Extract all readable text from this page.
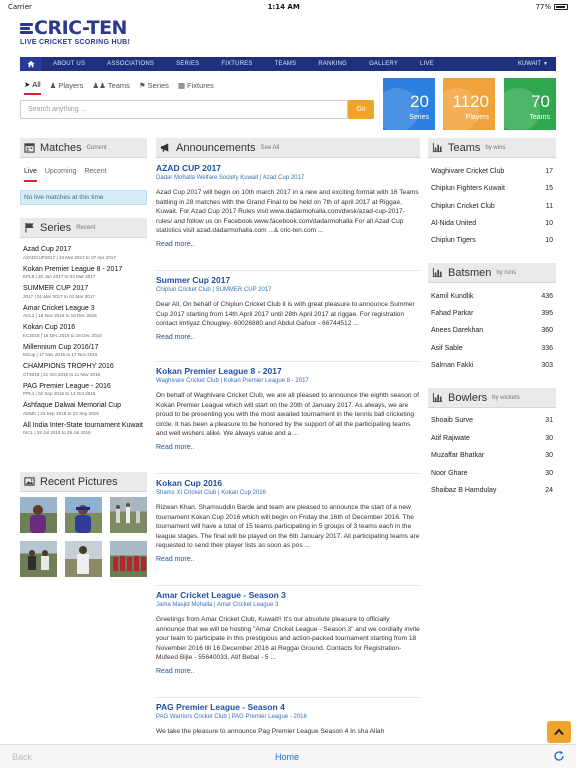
Carrier	1:14 AM	77%
CRIC-TEN
LIVE CRICKET SCORING HUB!
ABOUT US	ASSOCIATIONS	SERIES	FIXTURES	TEAMS	RANKING	GALLERY	LIVE	KUWAIT ▼
➤ All ♟ Players ♟♟ Teams ⚑ Series ▦ Fixtures
Search anything ...	Go	20
Series
1120
Players
70
Teams
Matches Current
Live Upcoming Recent
No live matches at this time
Series Recent
Azad Cup 2017
AZADCUP2017 | 10 Mar 2017 to 07 Apr 2017
Kokan Premier League 8 - 2017
KPL8 | 20 Jan 2017 to 03 Mar 2017
SUMMER CUP 2017
2017 | 01 Mar 2017 to 01 Mar 2017
Amar Cricket League 3
ACL3 | 18 Nov 2016 to 16 Dec 2016
Kokan Cup 2016
KC2016 | 16 Dec 2016 to 16 Dec 2016
Millennium Cup 2016/17
MCup | 17 Nov 2016 to 17 Nov 2016
CHAMPIONS TROPHY 2016
CT2016 | 21 Oct 2016 to 11 Nov 2016
PAG Premier League - 2016
PPL4 | 02 Sep 2016 to 14 Oct 2016
Ashfaque Dalwai Memorial Cup
ADMC | 23 Sep 2016 to 23 Sep 2016
All India Inter-State tournament Kuwait
ISCL | 28 Jul 2016 to 29 Jul 2016
Recent Pictures
Announcements See All
AZAD CUP 2017
Dadar Mohalla Welfare Society Kuwait | Azad Cup 2017
Azad Cup 2017 will begin on 10th march 2017 in a new and exciting format with 16 Teams battling in 28 matches with the Grand Final to be held on 7th of april 2017 at Riggae, Kuwait. For Azad Cup 2017 Rules visit www.dadarmohalla.com/dwsk/azad-cup-2017-rules/ and follow us on Facebook www.facebook.com/dadarmohalla For all Azad Cup statistics visit azad.dadarmohalla.com ...& cric-ten.com ...
Read more..
Summer Cup 2017
Chiplun Cricket Club | SUMMER CUP 2017
Dear All, On behalf of Chiplun Cricket Club it is with great pleasure to announce Summer Cup 2017 starting from 14th April 2017 until 28th April 2017 at riggae. For registration contact Imtiyaz Chougley- 60026880 and Abdul Gafoor - 66744512 ...
Read more..
Kokan Premier League 8 - 2017
Waghivare Cricket Club | Kokan Premier League 8 - 2017
On behalf of Waghivare Cricket Club, we are all pleased to announce the eighth season of Kokan Premier League which will start on the 20th of January 2017. As always, we are proud to be presenting you with the most awaited tournament in the tennis ball cricketing circle. It has been a pleasure to be honored by the support of all the participating teams and well wishers alike. We always value and a ...
Read more..
Kokan Cup 2016
Shams XI Cricket Club | Kokan Cup 2016
Rizwan Khan, Shamsuddin Barde and team are pleased to announce the start of a new tournament Kokan Cup 2016 which will begin on Friday the 16th of December 2016. The tournament will have a total of 15 teams participating in 5 groups of 3 teams each in the league stages. The final will be played on the 6th January 2017. All participating teams are requested to send their player lists as soon as pos ...
Read more..
Amar Cricket League - Season 3
Jama Masjid Mohalla | Amar Cricket League 3
Greetings from Amar Cricket Club, Kuwait!! It's our absolute pleasure to officially announce that we will be hosting "Amar Cricket League - Season 3" and we cordially invite your team to participate in this prestigious and action-packed tournament starting from 18 November 2016 till 16 December 2016 at Reggai Ground. Contacts for Registration- Mufeed Bijle - 55640033, Atif Bebal - 5 ...
Read more..
PAG Premier League - Season 4
PAG Warriors Cricket Club | PAG Premier League - 2016
We take the pleasure to announce Pag Premier League Season 4 In sha Allah
Teams by wins
Waghivare Cricket Club	17
Chiplun Fighters Kuwait	15
Chiplun Cricket Club	11
Al-Nida United	10
Chiplun Tigers	10
Batsmen by runs
Kamil Kundlik	436
Fahad Parkar	395
Anees Darekhan	360
Asif Sable	336
Salman Fakki	303
Bowlers by wickets
Shoaib Surve	31
Atif Rajiwate	30
Muzaffar Bhatkar	30
Noor Ghare	30
Shaibaz B Hamdulay	24
Back	Home
